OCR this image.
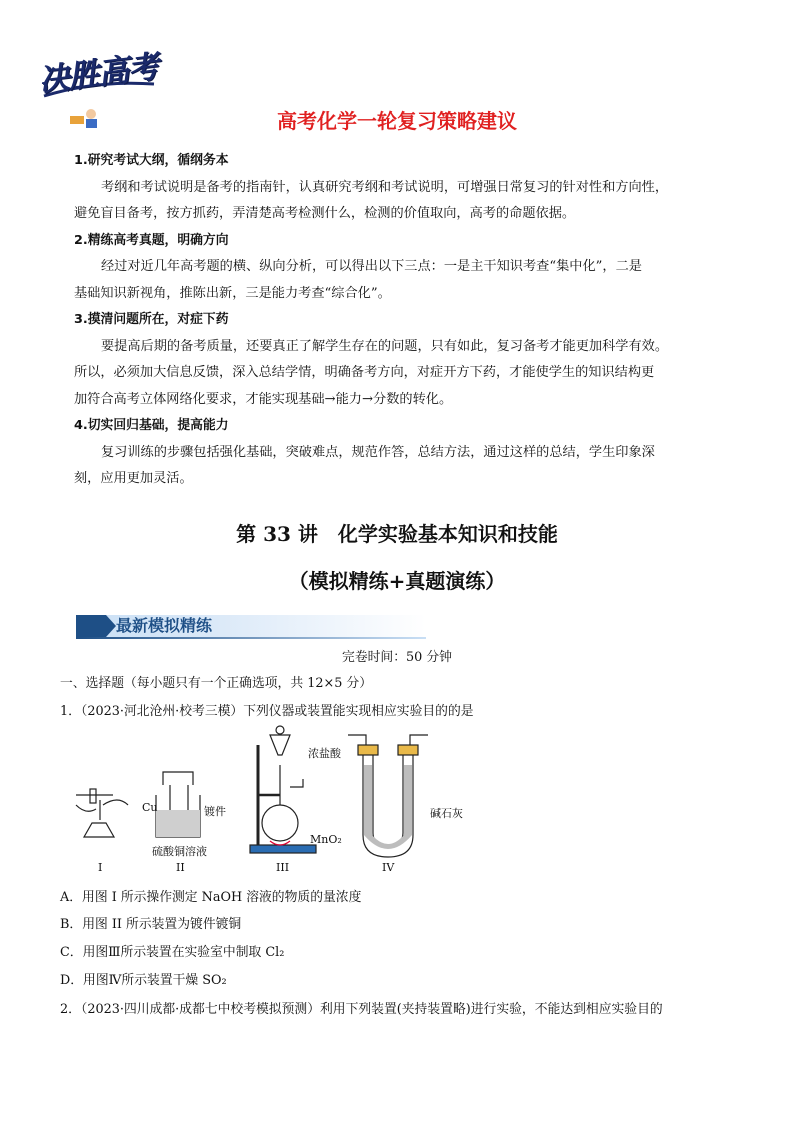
决胜高考
高考化学一轮复习策略建议
1.研究考试大纲，循纲务本
考纲和考试说明是备考的指南针，认真研究考纲和考试说明，可增强日常复习的针对性和方向性，
避免盲目备考，按方抓药，弄清楚高考检测什么，检测的价值取向，高考的命题依据。
2.精练高考真题，明确方向
经过对近几年高考题的横、纵向分析，可以得出以下三点：一是主干知识考查“集中化”，二是
基础知识新视角，推陈出新，三是能力考查“综合化”。
3.摸清问题所在，对症下药
要提高后期的备考质量，还要真正了解学生存在的问题，只有如此，复习备考才能更加科学有效。
所以，必须加大信息反馈，深入总结学情，明确备考方向，对症开方下药，才能使学生的知识结构更
加符合高考立体网络化要求，才能实现基础→能力→分数的转化。
4.切实回归基础，提高能力
复习训练的步骤包括强化基础，突破难点，规范作答，总结方法，通过这样的总结，学生印象深
刻，应用更加灵活。
第 33 讲　化学实验基本知识和技能
（模拟精练+真题演练）
最新模拟精练
完卷时间：50 分钟
一、选择题（每小题只有一个正确选项，共 12×5 分）
1．（2023·河北沧州·校考三模）下列仪器或装置能实现相应实验目的的是
Cu	镀件
硫酸铜溶液
浓盐酸
MnO₂
碱石灰
I	II	III	IV
A．用图 I 所示操作测定 NaOH 溶液的物质的量浓度
B．用图 II 所示装置为镀件镀铜
C．用图Ⅲ所示装置在实验室中制取 Cl₂
D．用图Ⅳ所示装置干燥 SO₂
2．（2023·四川成都·成都七中校考模拟预测）利用下列装置(夹持装置略)进行实验，不能达到相应实验目的
